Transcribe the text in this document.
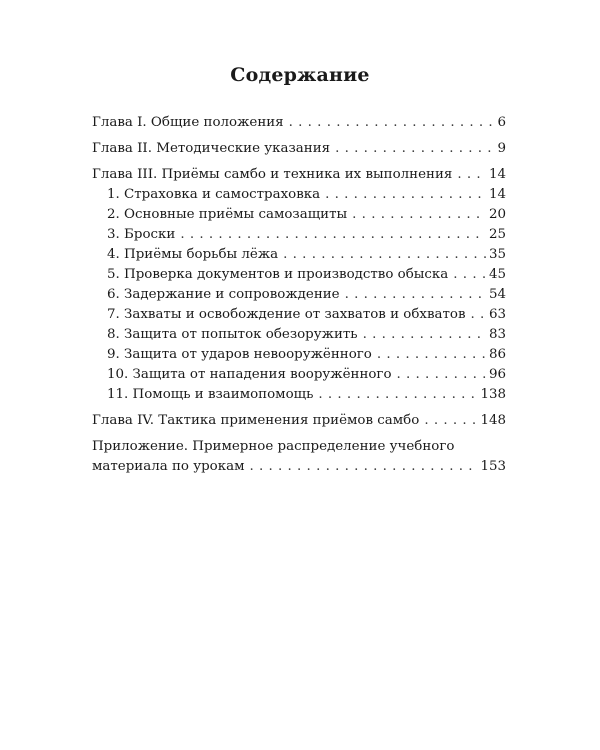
Содержание
Глава I. Общие положения . . .	6
Глава II. Методические указания . . .	9
Глава III. Приёмы самбо и техника их выполнения . . .	14
1. Страховка и самостраховка . . .	14
2. Основные приёмы самозащиты . . .	20
3. Броски . . .	25
4. Приёмы борьбы лёжа . . .	35
5. Проверка документов и производство обыска . . .	45
6. Задержание и сопровождение . . .	54
7. Захваты и освобождение от захватов и обхватов . . . 63
8. Защита от попыток обезоружить . . .	83
9. Защита от ударов невооружённого . . .	86
10. Защита от нападения вооружённого . . .	96
11. Помощь и взаимопомощь . . .	138
Глава IV. Тактика применения приёмов самбо . . .	148
Приложение. Примерное распределение учебного
материала по урокам . . .	153
